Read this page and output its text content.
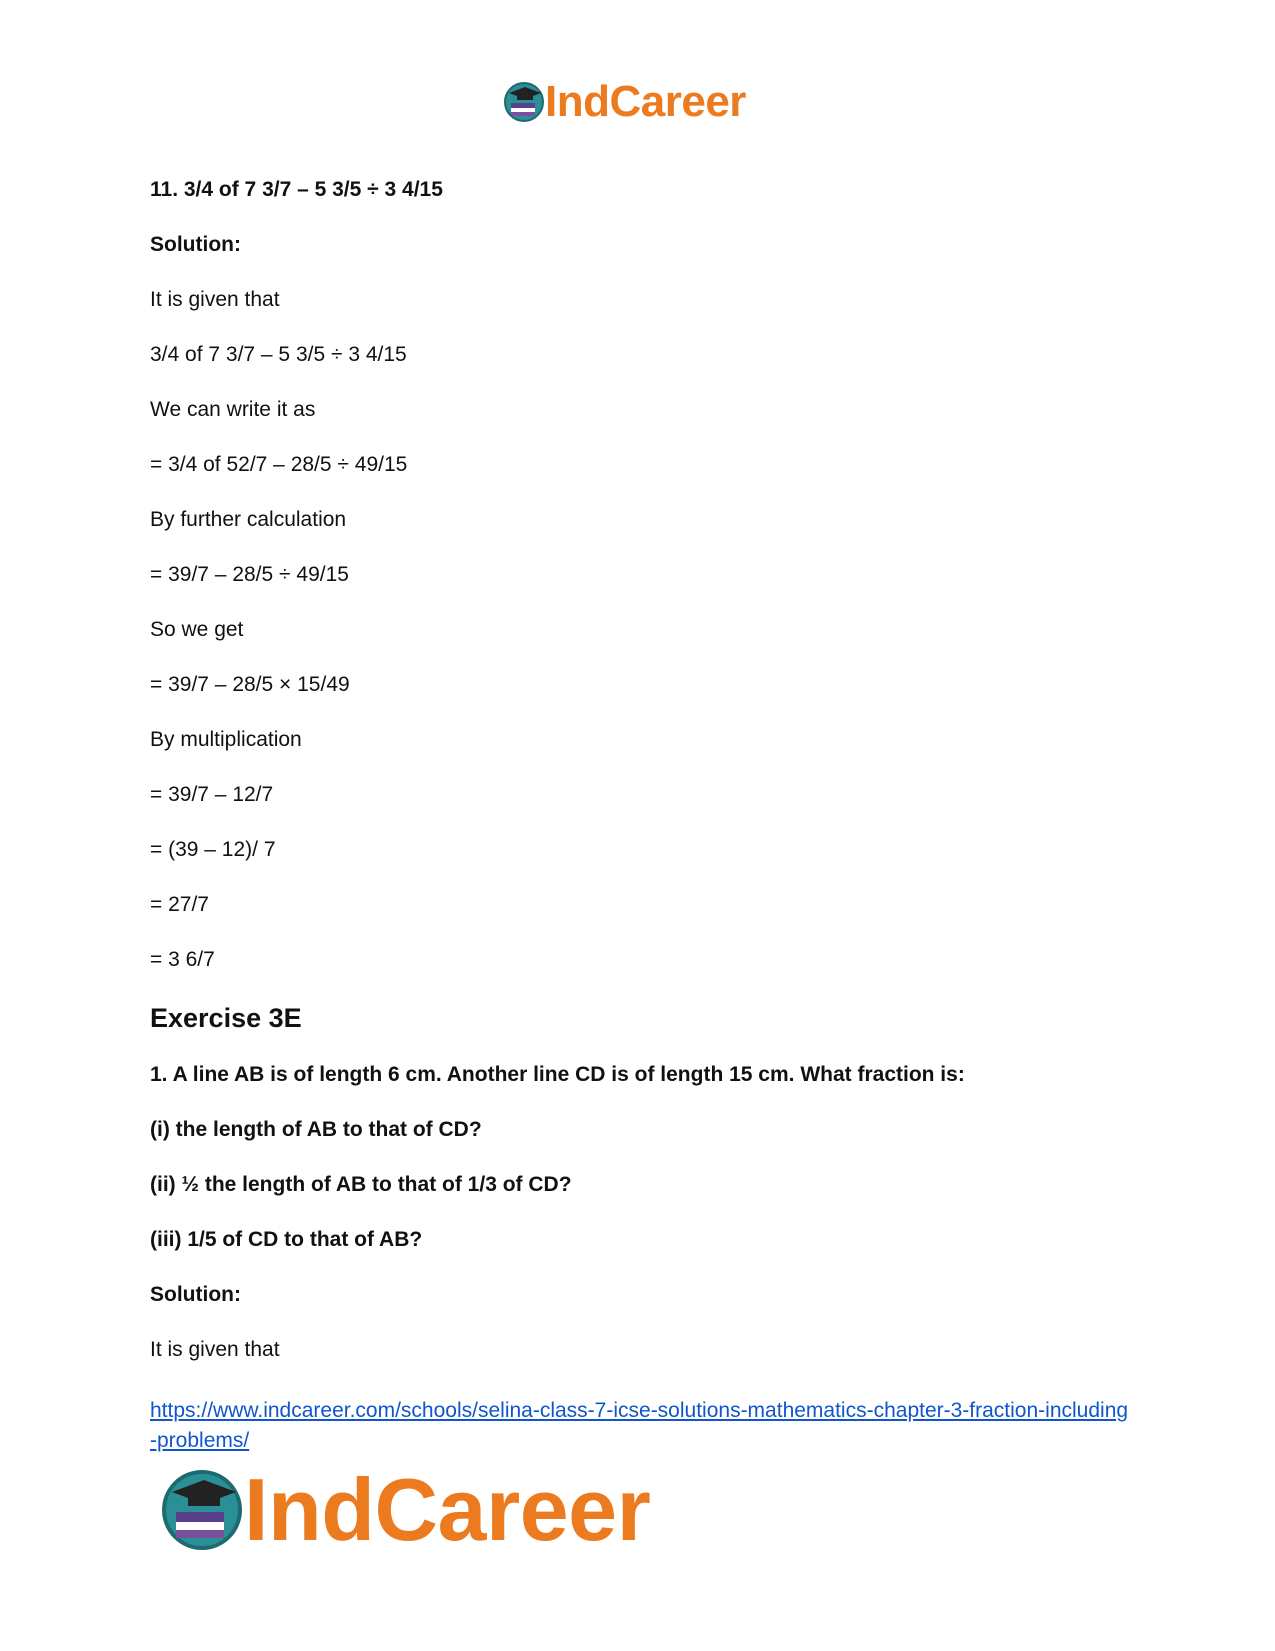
IndCareer
11. 3/4 of 7 3/7 – 5 3/5 ÷ 3 4/15
Solution:
It is given that
3/4 of 7 3/7 – 5 3/5 ÷ 3 4/15
We can write it as
= 3/4 of 52/7 – 28/5 ÷ 49/15
By further calculation
= 39/7 – 28/5 ÷ 49/15
So we get
= 39/7 – 28/5 × 15/49
By multiplication
= 39/7 – 12/7
= (39 – 12)/ 7
= 27/7
= 3 6/7
Exercise 3E
1. A line AB is of length 6 cm. Another line CD is of length 15 cm. What fraction is:
(i) the length of AB to that of CD?
(ii) ½ the length of AB to that of 1/3 of CD?
(iii) 1/5 of CD to that of AB?
Solution:
It is given that
https://www.indcareer.com/schools/selina-class-7-icse-solutions-mathematics-chapter-3-fraction-including-problems/
IndCareer
